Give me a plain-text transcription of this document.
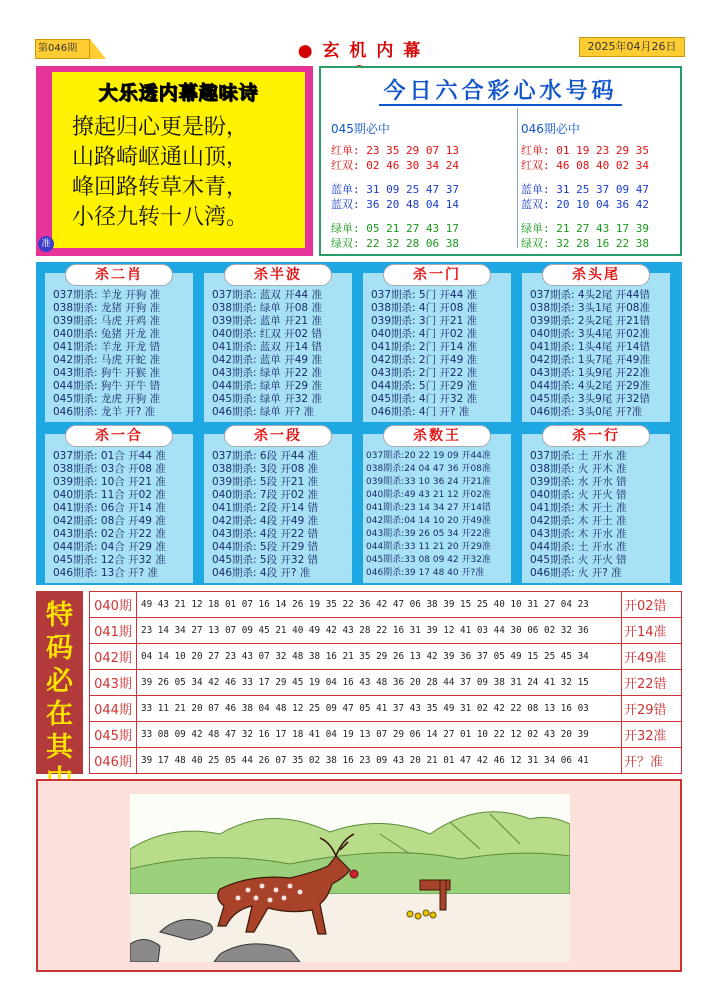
第046期	● 玄 机 内 幕	2025年04月26日
大乐透内幕趣味诗
撩起归心更是盼，
山路崎岖通山顶，
峰回路转草木青，
小径九转十八湾。
准
今日六合彩心水号码
045期必中
红单: 23 35 29 07 13
红双: 02 46 30 34 24
蓝单: 31 09 25 47 37
蓝双: 36 20 48 04 14
绿单: 05 21 27 43 17
绿双: 22 32 28 06 38
046期必中
红单: 01 19 23 29 35
红双: 46 08 40 02 34
蓝单: 31 25 37 09 47
蓝双: 20 10 04 36 42
绿单: 21 27 43 17 39
绿双: 32 28 16 22 38
杀二肖
037期杀: 羊龙 开狗 准
038期杀: 龙猪 开狗 准
039期杀: 马虎 开鸡 准
040期杀: 兔猪 开龙 准
041期杀: 羊龙 开龙 错
042期杀: 马虎 开蛇 准
043期杀: 狗牛 开猴 准
044期杀: 狗牛 开牛 错
045期杀: 龙虎 开狗 准
046期杀: 龙羊 开? 准
杀半波
037期杀: 蓝双 开44 准
038期杀: 绿单 开08 准
039期杀: 蓝单 开21 准
040期杀: 红双 开02 错
041期杀: 蓝双 开14 错
042期杀: 蓝单 开49 准
043期杀: 绿单 开22 准
044期杀: 绿单 开29 准
045期杀: 绿单 开32 准
046期杀: 绿单 开? 准
杀一门
037期杀: 5门 开44 准
038期杀: 4门 开08 准
039期杀: 3门 开21 准
040期杀: 4门 开02 准
041期杀: 2门 开14 准
042期杀: 2门 开49 准
043期杀: 2门 开22 准
044期杀: 5门 开29 准
045期杀: 4门 开32 准
046期杀: 4门 开? 准
杀头尾
037期杀: 4头2尾 开44错
038期杀: 3头1尾 开08准
039期杀: 2头2尾 开21错
040期杀: 3头4尾 开02准
041期杀: 1头4尾 开14错
042期杀: 1头7尾 开49准
043期杀: 1头9尾 开22准
044期杀: 4头2尾 开29准
045期杀: 3头9尾 开32错
046期杀: 3头0尾 开?准
杀一合
037期杀: 01合 开44 准
038期杀: 03合 开08 准
039期杀: 10合 开21 准
040期杀: 11合 开02 准
041期杀: 06合 开14 准
042期杀: 08合 开49 准
043期杀: 02合 开22 准
044期杀: 04合 开29 准
045期杀: 12合 开32 准
046期杀: 13合 开? 准
杀一段
037期杀: 6段 开44 准
038期杀: 3段 开08 准
039期杀: 5段 开21 准
040期杀: 7段 开02 准
041期杀: 2段 开14 错
042期杀: 4段 开49 准
043期杀: 4段 开22 错
044期杀: 5段 开29 错
045期杀: 5段 开32 错
046期杀: 4段 开? 准
杀数王
037期杀:20 22 19 09 开44准
038期杀:24 04 47 36 开08准
039期杀:33 10 36 24 开21准
040期杀:49 43 21 12 开02准
041期杀:23 14 34 27 开14错
042期杀:04 14 10 20 开49准
043期杀:39 26 05 34 开22准
044期杀:33 11 21 20 开29准
045期杀:33 08 09 42 开32准
046期杀:39 17 48 40 开?准
杀一行
037期杀: 土 开水 准
038期杀: 火 开木 准
039期杀: 水 开水 错
040期杀: 火 开火 错
041期杀: 木 开土 准
042期杀: 木 开土 准
043期杀: 木 开水 准
044期杀: 土 开水 准
045期杀: 火 开火 错
046期杀: 火 开? 准
特
码
必
在
其
040期	49 43 21 12 18 01 07 16 14 26 19 35 22 36 42 47 06 38 39 15 25 40 10 31 27 04 23	开02错
041期	23 14 34 27 13 07 09 45 21 40 49 42 43 28 22 16 31 39 12 41 03 44 30 06 02 32 36	开14准
042期	04 14 10 20 27 23 43 07 32 48 38 16 21 35 29 26 13 42 39 36 37 05 49 15 25 45 34	开49准
043期	39 26 05 34 42 46 33 17 29 45 19 04 16 43 48 36 20 28 44 37 09 38 31 24 41 32 15	开22错
044期	33 11 21 20 07 46 38 04 48 12 25 09 47 05 41 37 43 35 49 31 02 42 22 08 13 16 03	开29错
045期	33 08 09 42 48 47 32 16 17 18 41 04 19 13 07 29 06 14 27 01 10 22 12 02 43 20 39	开32准
046期	39 17 48 40 25 05 44 26 07 35 02 38 16 23 09 43 20 21 01 47 42 46 12 31 34 06 41	开？准
